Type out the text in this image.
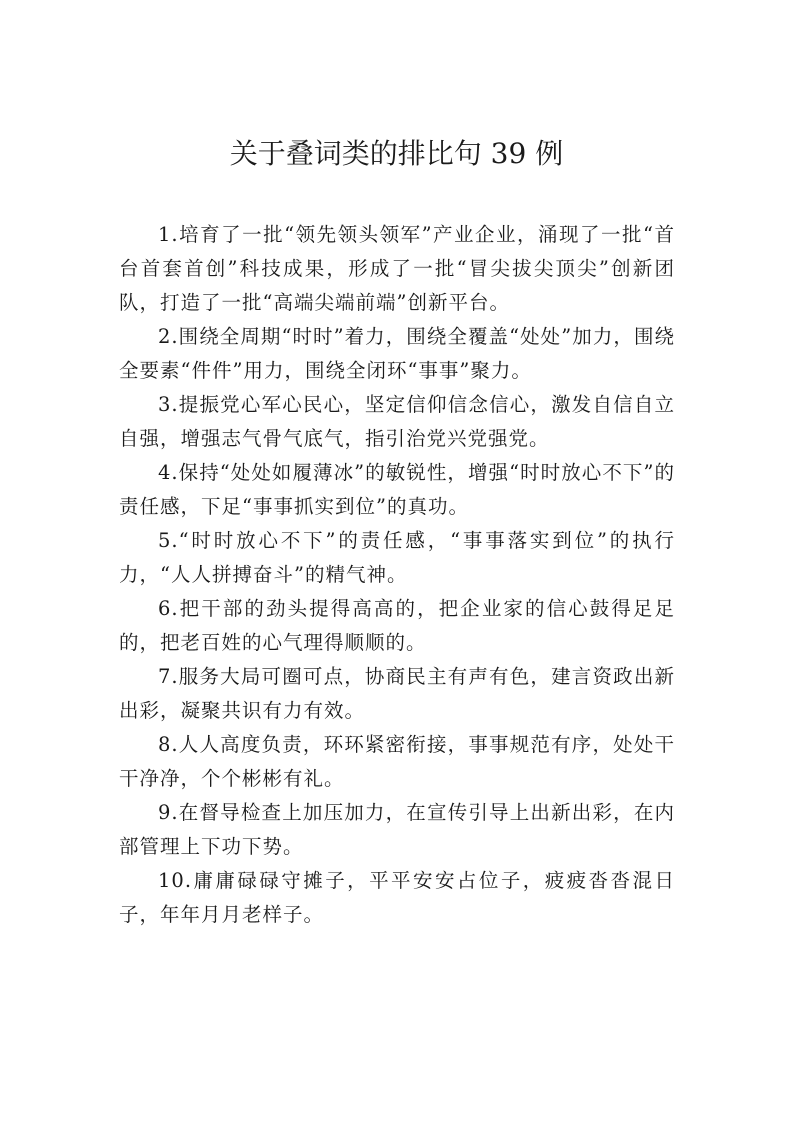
关于叠词类的排比句 39 例

1.培育了一批“领先领头领军”产业企业，涌现了一批“首台首套首创”科技成果，形成了一批“冒尖拔尖顶尖”创新团队，打造了一批“高端尖端前端”创新平台。

2.围绕全周期“时时”着力，围绕全覆盖“处处”加力，围绕全要素“件件”用力，围绕全闭环“事事”聚力。

3.提振党心军心民心，坚定信仰信念信心，激发自信自立自强，增强志气骨气底气，指引治党兴党强党。

4.保持“处处如履薄冰”的敏锐性，增强“时时放心不下”的责任感，下足“事事抓实到位”的真功。

5.“时时放心不下”的责任感，“事事落实到位”的执行力，“人人拼搏奋斗”的精气神。

6.把干部的劲头提得高高的，把企业家的信心鼓得足足的，把老百姓的心气理得顺顺的。

7.服务大局可圈可点，协商民主有声有色，建言资政出新出彩，凝聚共识有力有效。

8.人人高度负责，环环紧密衔接，事事规范有序，处处干干净净，个个彬彬有礼。

9.在督导检查上加压加力，在宣传引导上出新出彩，在内部管理上下功下势。

10.庸庸碌碌守摊子，平平安安占位子，疲疲沓沓混日子，年年月月老样子。
